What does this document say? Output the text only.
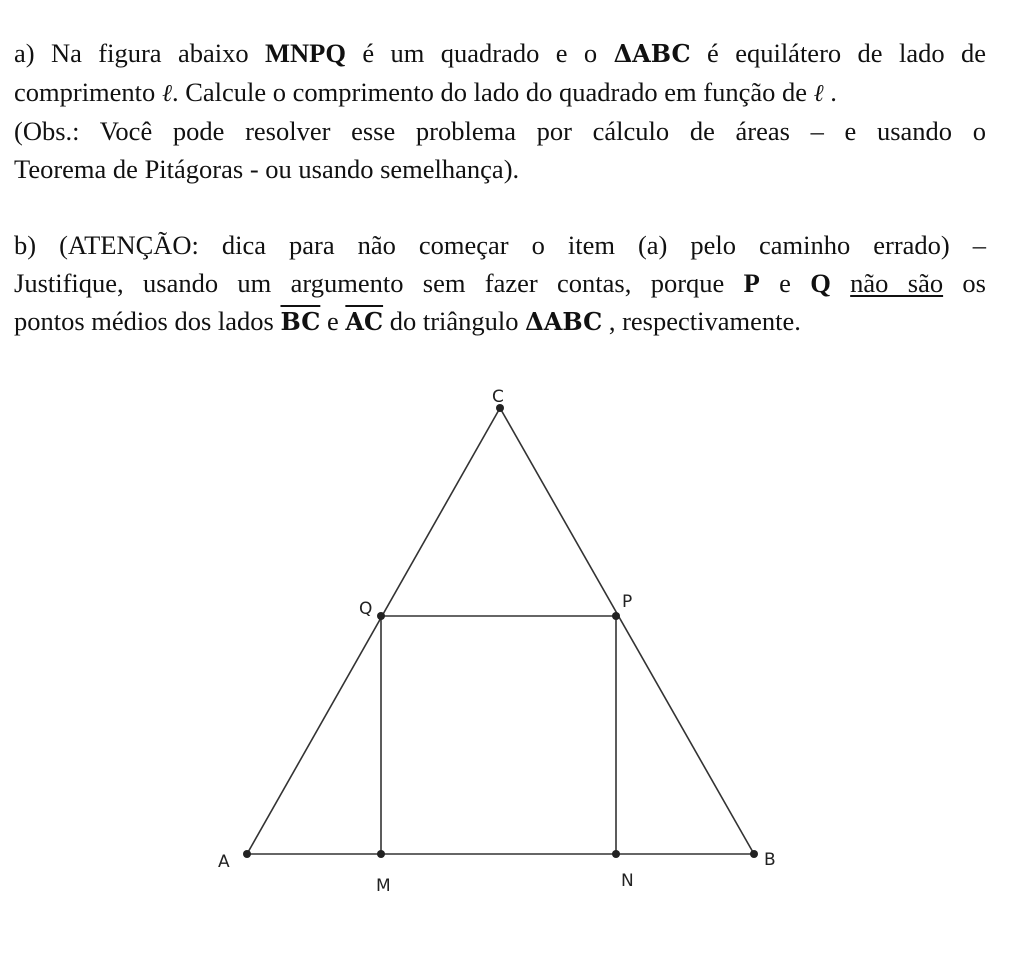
a) Na figura abaixo MNPQ é um quadrado e o ΔABC é equilátero de lado de
comprimento ℓ. Calcule o comprimento do lado do quadrado em função de ℓ .
(Obs.: Você pode resolver esse problema por cálculo de áreas – e usando o
Teorema de Pitágoras - ou usando semelhança).
b) (ATENÇÃO: dica para não começar o item (a) pelo caminho errado) –
Justifique, usando um argumento sem fazer contas, porque P e Q não são os
pontos médios dos lados $\overline{BC}$ e $\overline{AC}$ do triângulo ΔABC , respectivamente.
A	B
C
M	N
P
Q
